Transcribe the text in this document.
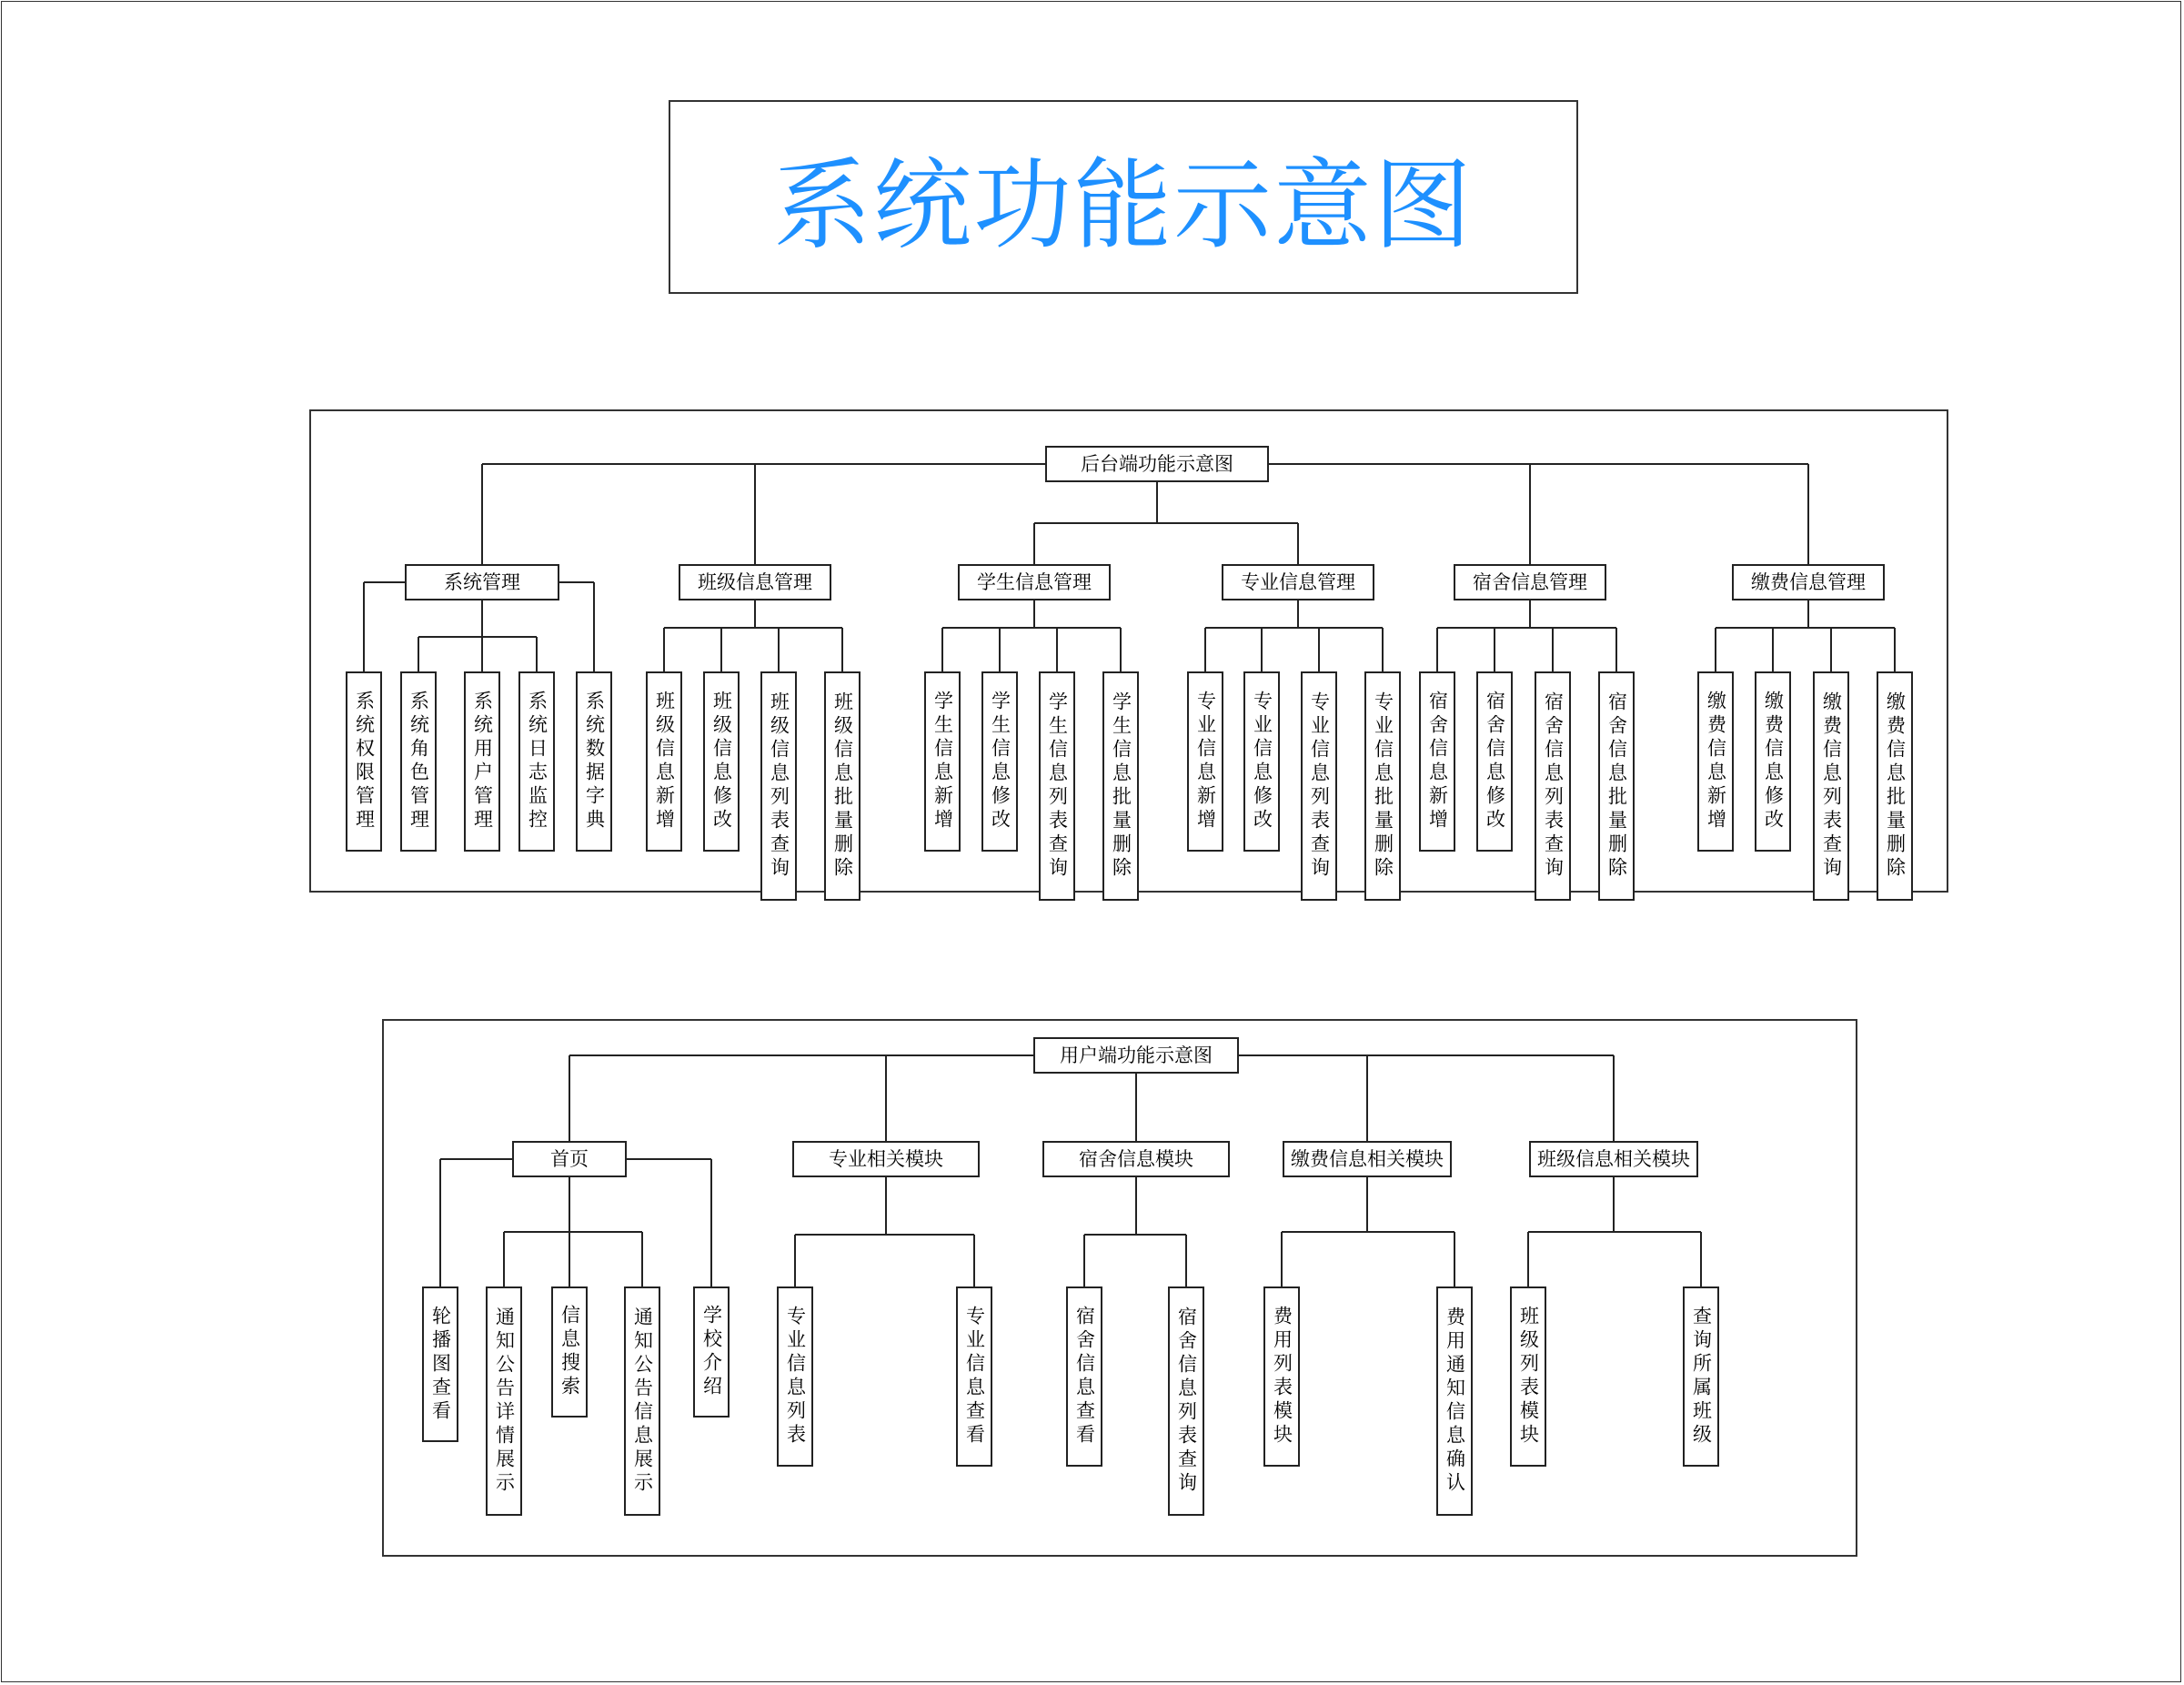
系统功能示意图
后台端功能示意图
系统管理
系统权限管理 系统角色管理 系统用户管理 系统日志监控 系统数据字典
班级信息管理
班级信息新增 班级信息修改 班级信息列表查询 班级信息批量删除
学生信息管理
学生信息新增 学生信息修改 学生信息列表查询 学生信息批量删除
专业信息管理
专业信息新增 专业信息修改 专业信息列表查询 专业信息批量删除
宿舍信息管理
宿舍信息新增 宿舍信息修改 宿舍信息列表查询 宿舍信息批量删除
缴费信息管理
缴费信息新增 缴费信息修改 缴费信息列表查询 缴费信息批量删除
用户端功能示意图
首页
轮播图查看 通知公告详情展示 信息搜索	通知公告信息展示 学校介绍
专业相关模块
专业信息列表	专业信息查看
宿舍信息模块
宿舍信息查看	宿舍信息列表查询
缴费信息相关模块
费用列表模块	费用通知信息确认
班级信息相关模块
班级列表模块	查询所属班级
